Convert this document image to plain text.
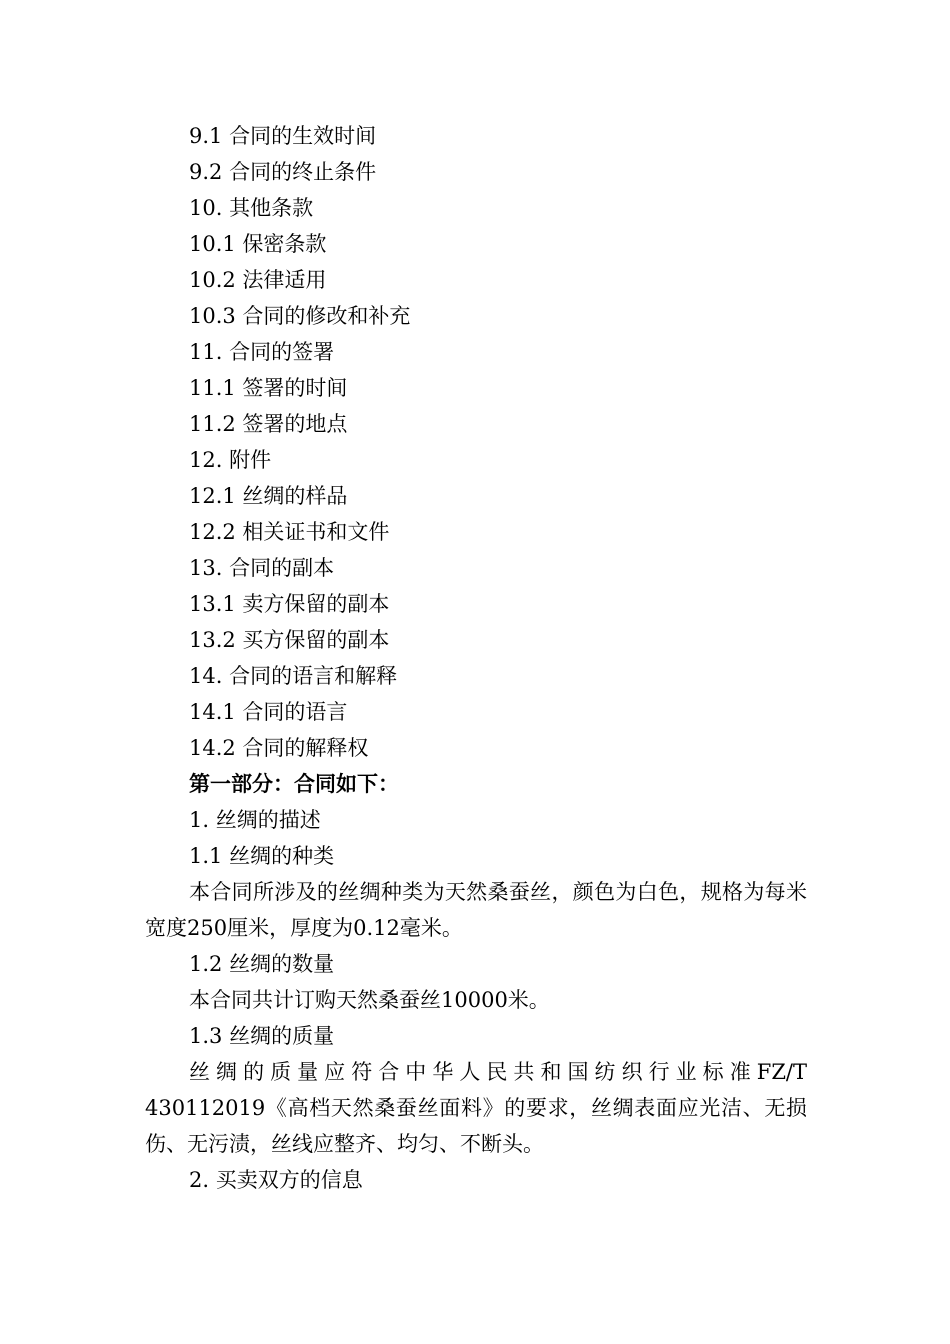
9.1 合同的生效时间
9.2 合同的终止条件
10. 其他条款
10.1 保密条款
10.2 法律适用
10.3 合同的修改和补充
11. 合同的签署
11.1 签署的时间
11.2 签署的地点
12. 附件
12.1 丝绸的样品
12.2 相关证书和文件
13. 合同的副本
13.1 卖方保留的副本
13.2 买方保留的副本
14. 合同的语言和解释
14.1 合同的语言
14.2 合同的解释权
第一部分：合同如下：
1. 丝绸的描述
1.1 丝绸的种类

本合同所涉及的丝绸种类为天然桑蚕丝，颜色为白色，规格为每米宽度250厘米，厚度为0.12毫米。

1.2 丝绸的数量

本合同共计订购天然桑蚕丝10000米。

1.3 丝绸的质量

丝绸的质量应符合中华人民共和国纺织行业标准FZ/T 430112019《高档天然桑蚕丝面料》的要求，丝绸表面应光洁、无损伤、无污渍，丝线应整齐、均匀、不断头。

2. 买卖双方的信息
